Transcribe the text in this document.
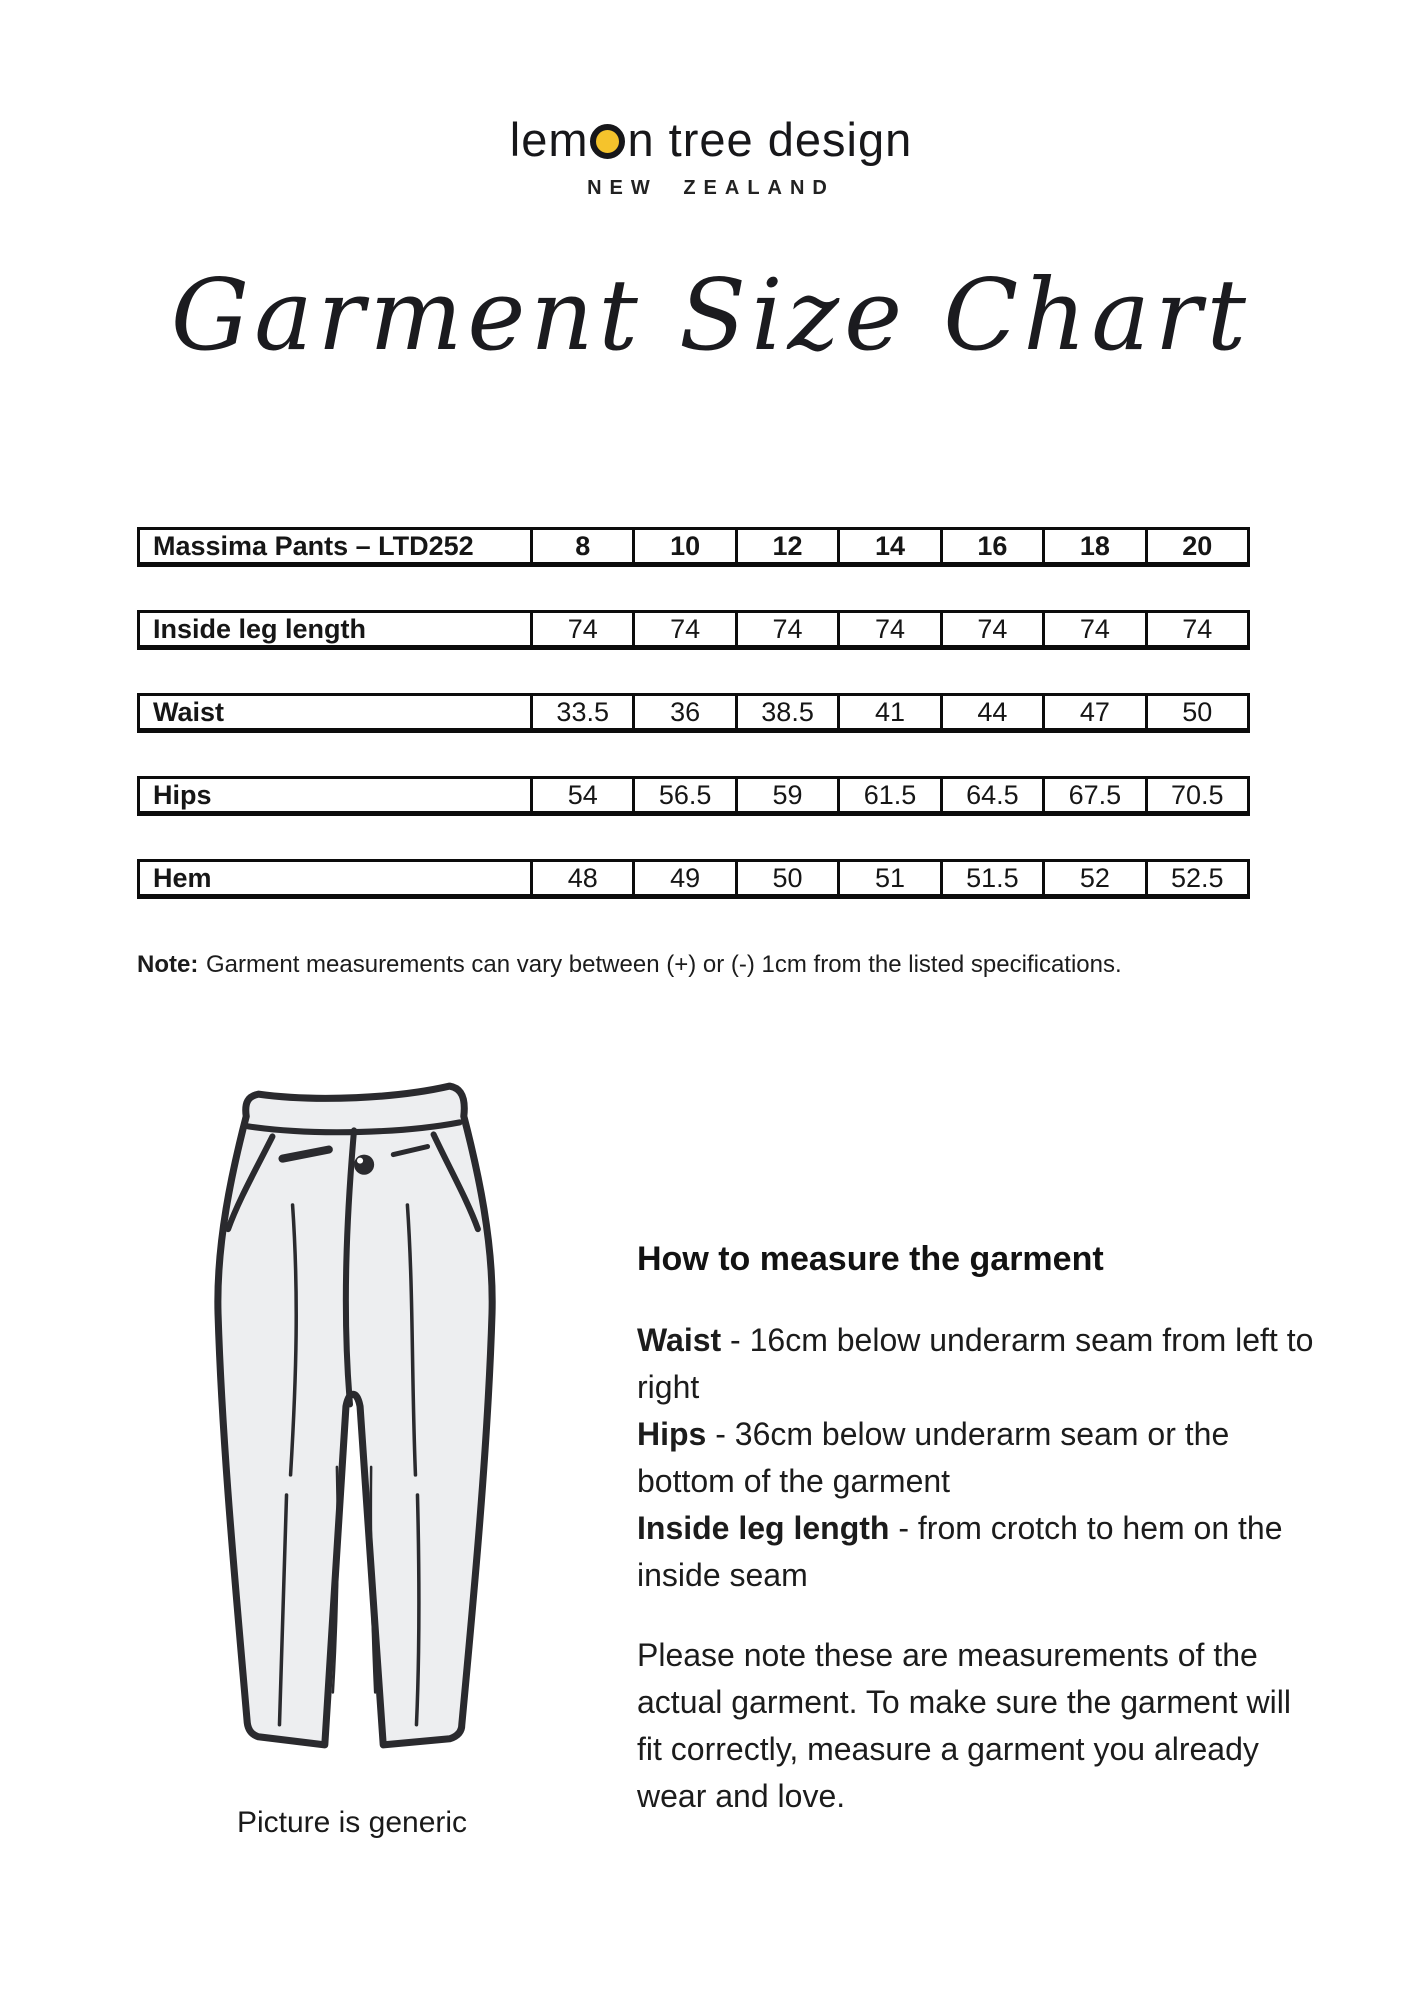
lem n tree design
NEW ZEALAND
Garment Size Chart
Massima Pants – LTD252	8	10	12	14	16	18	20
Inside leg length	74	74	74	74	74	74	74
Waist	33.5	36	38.5	41	44	47	50
Hips	54	56.5	59	61.5	64.5	67.5	70.5
Hem	48	49	50	51	51.5	52	52.5
Note: Garment measurements can vary between (+) or (-) 1cm from the listed specifications.
Picture is generic
How to measure the garment
Waist - 16cm below underarm seam from left to right
Hips - 36cm below underarm seam or the bottom of the garment
Inside leg length - from crotch to hem on the inside seam
Please note these are measurements of the actual garment. To make sure the garment will fit correctly, measure a garment you already wear and love.
